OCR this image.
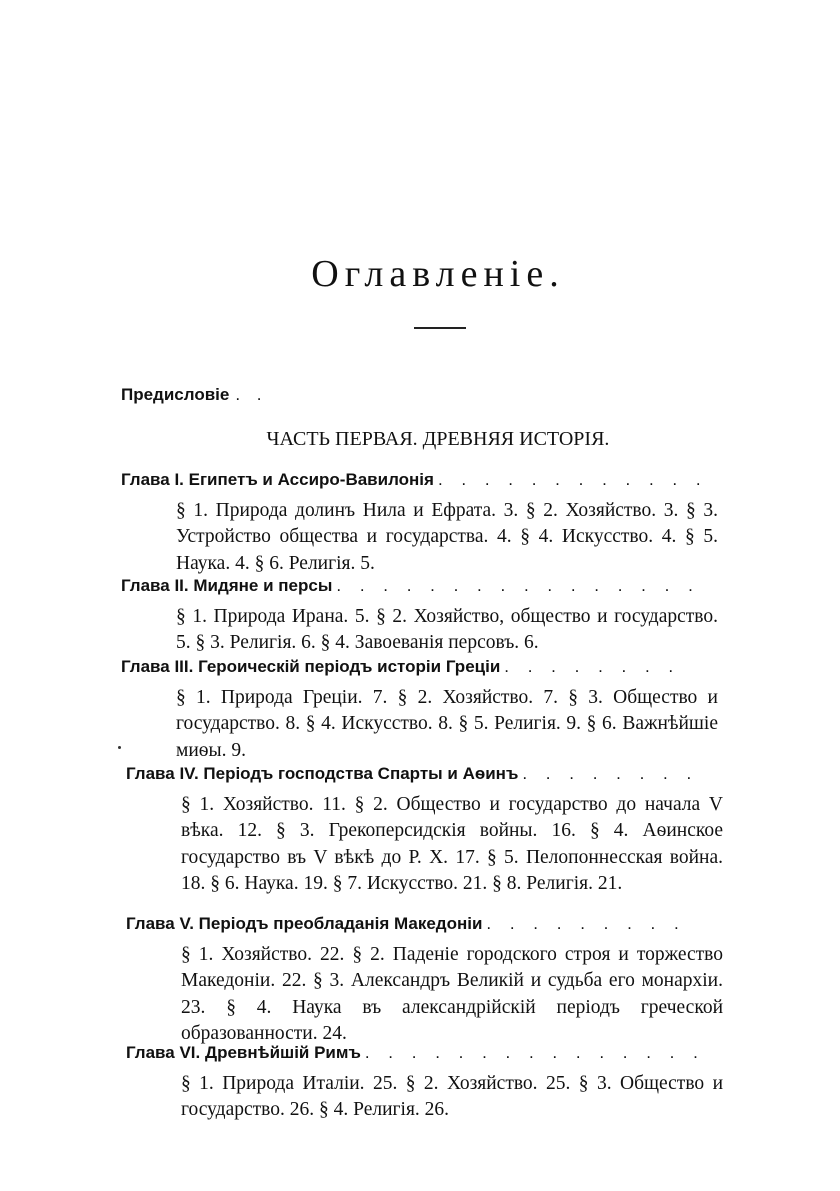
Оглавленiе.
Предисловiе . .
ЧАСТЬ ПЕРВАЯ. ДРЕВНЯЯ ИСТОРIЯ.
Глава I. Египетъ и Ассиро-Вавилонiя . . . . . . . . . . . .
§ 1. Природа долинъ Нила и Ефрата. 3. § 2. Хозяйство. 3. § 3. Устройство общества и государства. 4. § 4. Искусство. 4. § 5. Наука. 4. § 6. Религiя. 5.
Глава II. Мидяне и персы . . . . . . . . . . . . . . . .
§ 1. Природа Ирана. 5. § 2. Хозяйство, общество и государство. 5. § 3. Религiя. 6. § 4. Завоеванiя персовъ. 6.
Глава III. Героическiй перiодъ исторiи Грецiи . . . . . . . .
§ 1. Природа Грецiи. 7. § 2. Хозяйство. 7. § 3. Общество и государство. 8. § 4. Искусство. 8. § 5. Религiя. 9. § 6. Важнѣйшiе миѳы. 9.
Глава IV. Перiодъ господства Спарты и Аѳинъ . . . . . . . .
§ 1. Хозяйство. 11. § 2. Общество и государство до начала V вѣка. 12. § 3. Грекоперсидскiя войны. 16. § 4. Аѳинское государство въ V вѣкѣ до Р. Х. 17. § 5. Пелопоннесская война. 18. § 6. Наука. 19. § 7. Искусство. 21. § 8. Религiя. 21.
Глава V. Перiодъ преобладанiя Македонiи . . . . . . . . .
§ 1. Хозяйство. 22. § 2. Паденiе городского строя и торжество Македонiи. 22. § 3. Александръ Великiй и судьба его монархiи. 23. § 4. Наука въ александрiйскiй перiодъ греческой образованности. 24.
Глава VI. Древнѣйшiй Римъ . . . . . . . . . . . . . . .
§ 1. Природа Италiи. 25. § 2. Хозяйство. 25. § 3. Общество и государство. 26. § 4. Религiя. 26.
